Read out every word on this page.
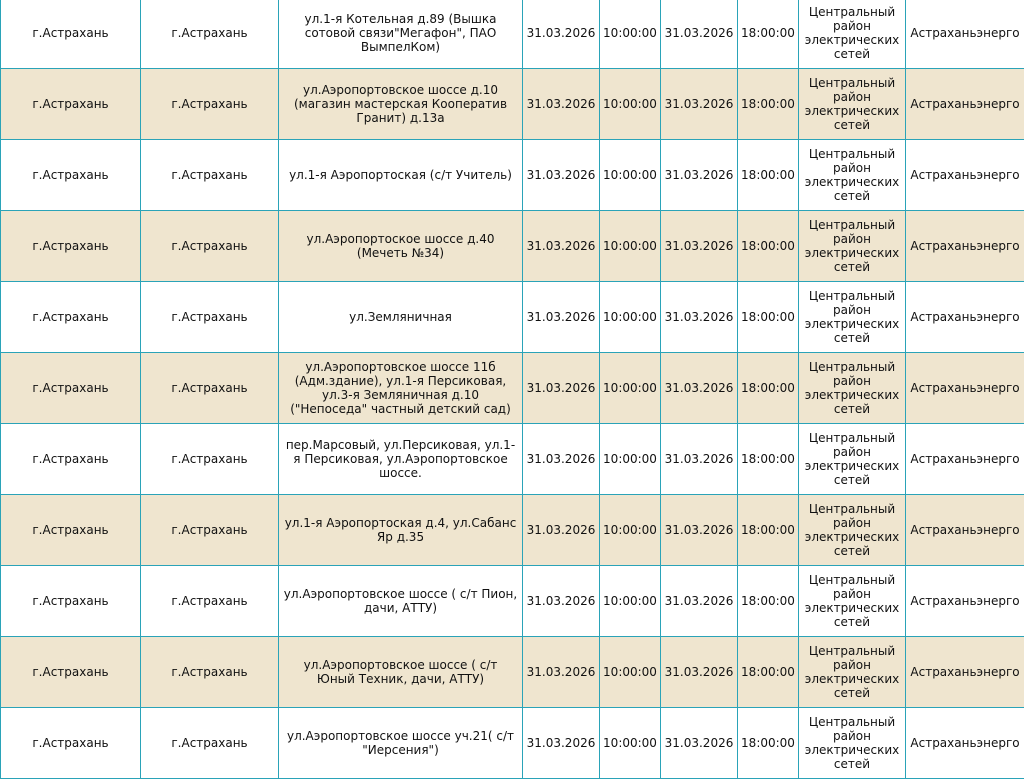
г.Астрахань	г.Астрахань	ул.1-я Котельная д.89 (Вышка сотовой связи"Мегафон", ПАО ВымпелКом)	31.03.2026	10:00:00	31.03.2026	18:00:00	Центральный район электрических сетей	Астраханьэнерго
г.Астрахань	г.Астрахань	ул.Аэропортовское шоссе д.10 (магазин мастерская Кооператив Гранит) д.13а	31.03.2026	10:00:00	31.03.2026	18:00:00	Центральный район электрических сетей	Астраханьэнерго
г.Астрахань	г.Астрахань	ул.1-я Аэропортоская (с/т Учитель)	31.03.2026	10:00:00	31.03.2026	18:00:00	Центральный район электрических сетей	Астраханьэнерго
г.Астрахань	г.Астрахань	ул.Аэропортоское шоссе д.40 (Мечеть №34)	31.03.2026	10:00:00	31.03.2026	18:00:00	Центральный район электрических сетей	Астраханьэнерго
г.Астрахань	г.Астрахань	ул.Земляничная	31.03.2026	10:00:00	31.03.2026	18:00:00	Центральный район электрических сетей	Астраханьэнерго
г.Астрахань	г.Астрахань	ул.Аэропортовское шоссе 11б (Адм.здание), ул.1-я Персиковая, ул.3-я Земляничная д.10 ("Непоседа" частный детский сад)	31.03.2026	10:00:00	31.03.2026	18:00:00	Центральный район электрических сетей	Астраханьэнерго
г.Астрахань	г.Астрахань	пер.Марсовый, ул.Персиковая, ул.1-я Персиковая, ул.Аэропортовское шоссе.	31.03.2026	10:00:00	31.03.2026	18:00:00	Центральный район электрических сетей	Астраханьэнерго
г.Астрахань	г.Астрахань	ул.1-я Аэропортоская д.4, ул.Сабанс Яр д.35	31.03.2026	10:00:00	31.03.2026	18:00:00	Центральный район электрических сетей	Астраханьэнерго
г.Астрахань	г.Астрахань	ул.Аэропортовское шоссе ( с/т Пион, дачи, АТТУ)	31.03.2026	10:00:00	31.03.2026	18:00:00	Центральный район электрических сетей	Астраханьэнерго
г.Астрахань	г.Астрахань	ул.Аэропортовское шоссе ( с/т Юный Техник, дачи, АТТУ)	31.03.2026	10:00:00	31.03.2026	18:00:00	Центральный район электрических сетей	Астраханьэнерго
г.Астрахань	г.Астрахань	ул.Аэропортовское шоссе уч.21( с/т "Иерсения")	31.03.2026	10:00:00	31.03.2026	18:00:00	Центральный район электрических сетей	Астраханьэнерго
